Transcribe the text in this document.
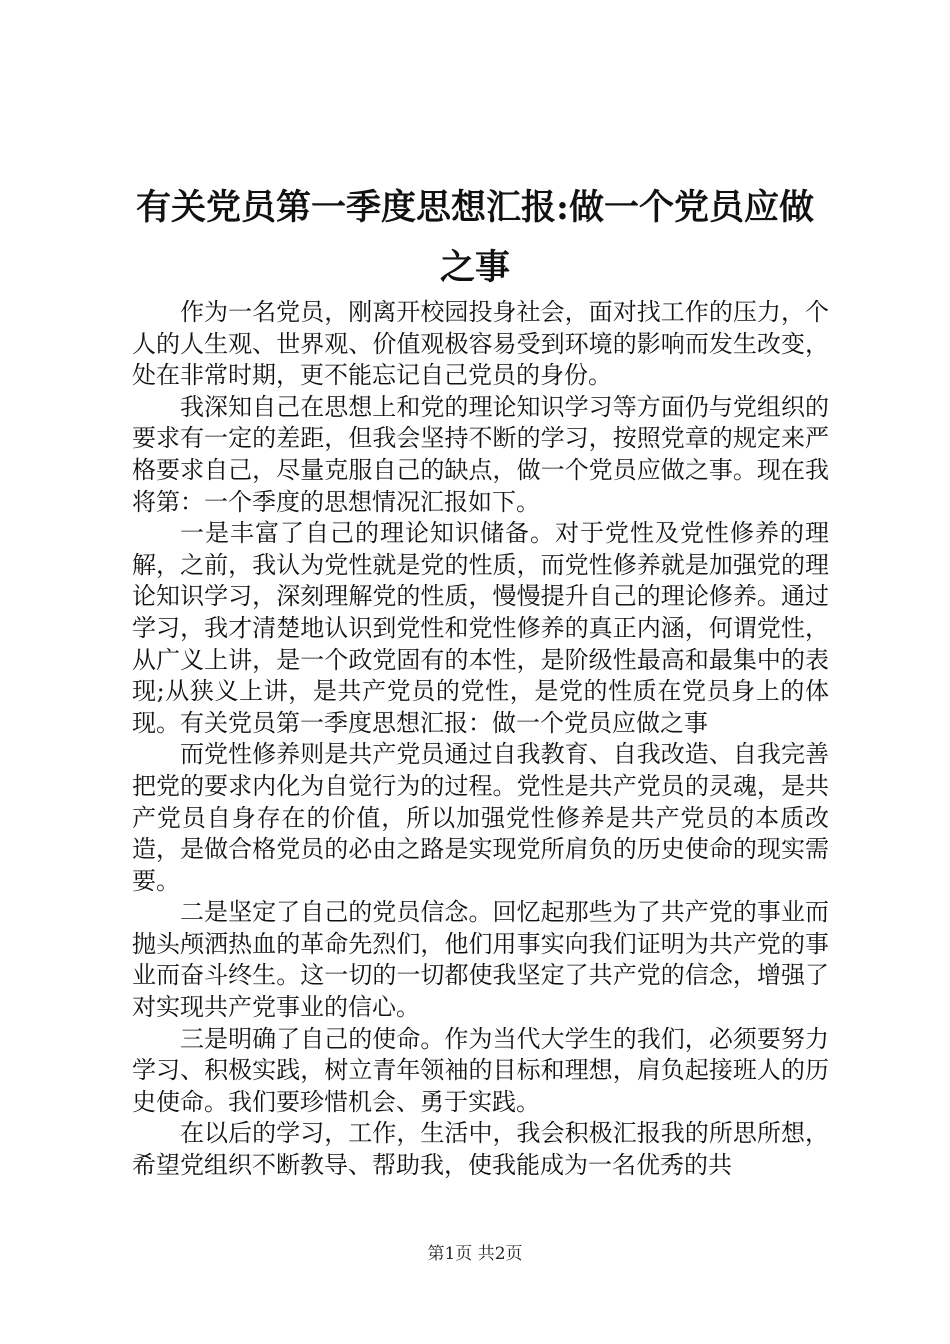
有关党员第一季度思想汇报:做一个党员应做之事

作为一名党员，刚离开校园投身社会，面对找工作的压力，个人的人生观、世界观、价值观极容易受到环境的影响而发生改变，处在非常时期，更不能忘记自己党员的身份。

我深知自己在思想上和党的理论知识学习等方面仍与党组织的要求有一定的差距，但我会坚持不断的学习，按照党章的规定来严格要求自己，尽量克服自己的缺点，做一个党员应做之事。现在我将第：一个季度的思想情况汇报如下。

一是丰富了自己的理论知识储备。对于党性及党性修养的理解，之前，我认为党性就是党的性质，而党性修养就是加强党的理论知识学习，深刻理解党的性质，慢慢提升自己的理论修养。通过学习，我才清楚地认识到党性和党性修养的真正内涵，何谓党性，从广义上讲，是一个政党固有的本性，是阶级性最高和最集中的表现;从狭义上讲，是共产党员的党性，是党的性质在党员身上的体现。有关党员第一季度思想汇报：做一个党员应做之事

而党性修养则是共产党员通过自我教育、自我改造、自我完善把党的要求内化为自觉行为的过程。党性是共产党员的灵魂，是共产党员自身存在的价值，所以加强党性修养是共产党员的本质改造，是做合格党员的必由之路是实现党所肩负的历史使命的现实需要。

二是坚定了自己的党员信念。回忆起那些为了共产党的事业而抛头颅洒热血的革命先烈们，他们用事实向我们证明为共产党的事业而奋斗终生。这一切的一切都使我坚定了共产党的信念，增强了对实现共产党事业的信心。

三是明确了自己的使命。作为当代大学生的我们，必须要努力学习、积极实践，树立青年领袖的目标和理想，肩负起接班人的历史使命。我们要珍惜机会、勇于实践。

在以后的学习，工作，生活中，我会积极汇报我的所思所想，希望党组织不断教导、帮助我，使我能成为一名优秀的共

第1页 共2页
